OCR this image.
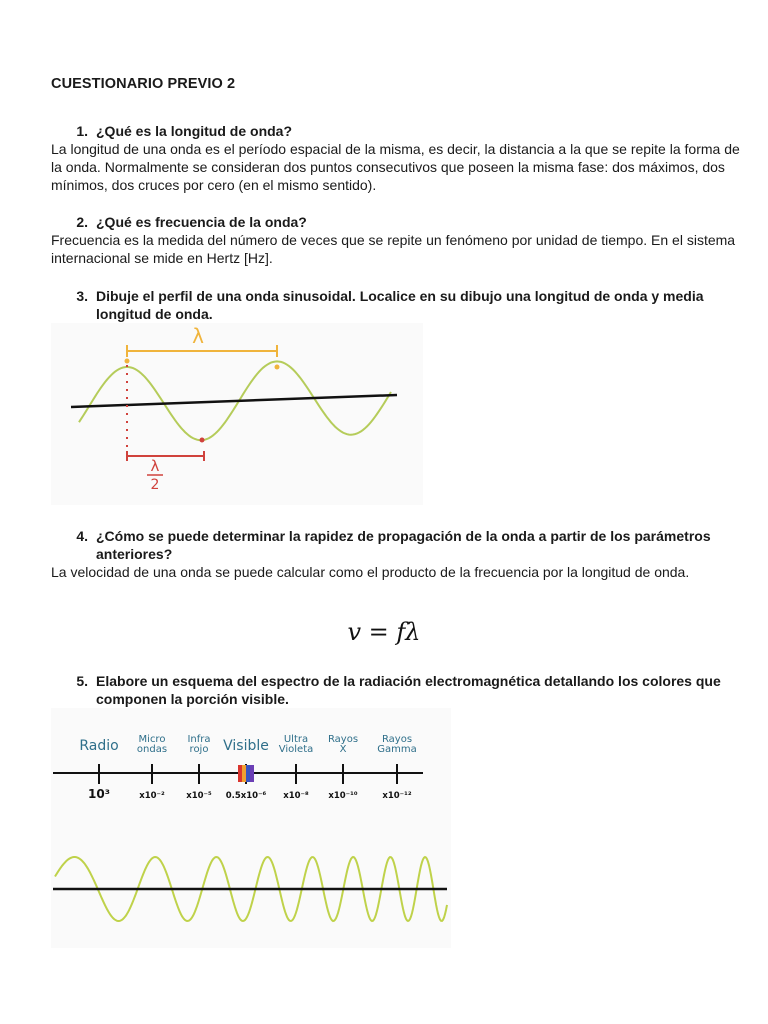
CUESTIONARIO PREVIO 2
1. ¿Qué es la longitud de onda?
La longitud de una onda es el período espacial de la misma, es decir, la distancia a la que se repite la forma de la onda. Normalmente se consideran dos puntos consecutivos que poseen la misma fase: dos máximos, dos mínimos, dos cruces por cero (en el mismo sentido).
2. ¿Qué es frecuencia de la onda?
Frecuencia es la medida del número de veces que se repite un fenómeno por unidad de tiempo. En el sistema internacional se mide en Hertz [Hz].
3. Dibuje el perfil de una onda sinusoidal. Localice en su dibujo una longitud de onda y media longitud de onda.
λ
λ
2
4. ¿Cómo se puede determinar la rapidez de propagación de la onda a partir de los parámetros anteriores?
La velocidad de una onda se puede calcular como el producto de la frecuencia por la longitud de onda.
v = fλ
5. Elabore un esquema del espectro de la radiación electromagnética detallando los colores que componen la porción visible.
Radio
10³
Micro
ondas
x10⁻²
Infra
rojo
x10⁻⁵
Visible
0.5x10⁻⁶
Ultra
Violeta
x10⁻⁸
Rayos
X
x10⁻¹⁰
Rayos
Gamma
x10⁻¹²
